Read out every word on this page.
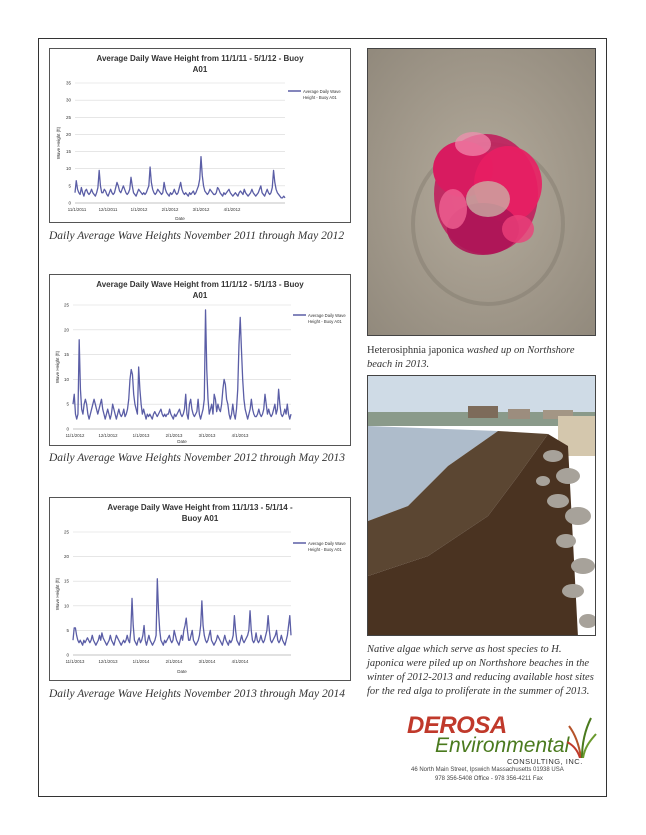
Average Daily Wave Height from 11/1/11 - 5/1/12 - Buoy
A01
0
5
10
15
20
25
30
35
11/1/2011	12/1/2011	1/1/2012	2/1/2012	3/1/2012	4/1/2012
Wave Height (ft)
Date
Average Daily Wave
Height - Buoy A01
Daily Average Wave Heights November 2011 through May 2012
Average Daily Wave Height from 11/1/12 - 5/1/13 - Buoy
A01
0
5
10
15
20
25
11/1/2012	12/1/2012	1/1/2013	2/1/2013	3/1/2013	4/1/2013
Wave Height (ft)
Date
Average Daily Wave
Height - Buoy A01
Daily Average Wave Heights November 2012 through May 2013
Average Daily Wave Height from 11/1/13 - 5/1/14 -
Buoy A01
0
5
10
15
20
25
11/1/2013	12/1/2013	1/1/2014	2/1/2014	3/1/2014	4/1/2014
Wave Height (ft)
Date
Average Daily Wave
Height - Buoy A01
Daily Average Wave Heights November 2013 through May 2014
Heterosiphnia japonica washed up on Northshore beach in 2013.
Native algae which serve as host species to H. japonica were piled up on Northshore beaches in the winter of 2012-2013 and reducing available host sites for the red alga to proliferate in the summer of 2013.
DEROSA
Environmental
CONSULTING, INC.
46 North Main Street, Ipswich Massachusetts 01938 USA
978 356-5408 Office - 978 356-4211 Fax
